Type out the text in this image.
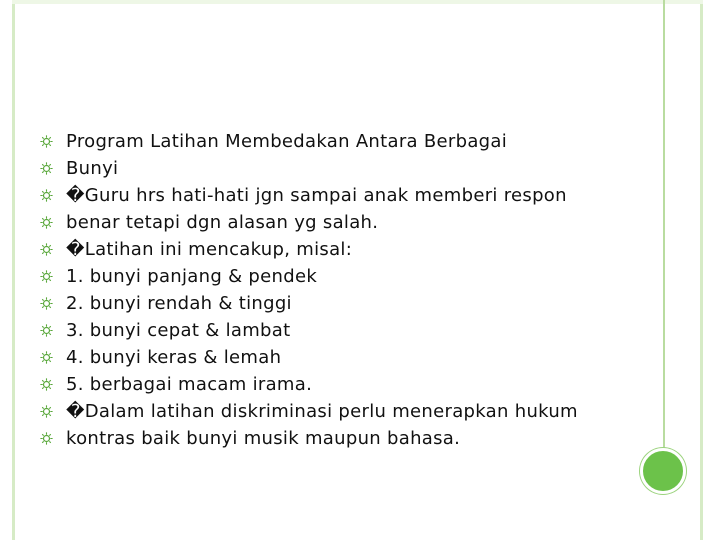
Program Latihan Membedakan Antara Berbagai
Bunyi
�Guru hrs hati-hati jgn sampai anak memberi respon
benar tetapi dgn alasan yg salah.
�Latihan ini mencakup, misal:
1. bunyi panjang & pendek
2. bunyi rendah & tinggi
3. bunyi cepat & lambat
4. bunyi keras & lemah
5. berbagai macam irama.
�Dalam latihan diskriminasi perlu menerapkan hukum
kontras baik bunyi musik maupun bahasa.
